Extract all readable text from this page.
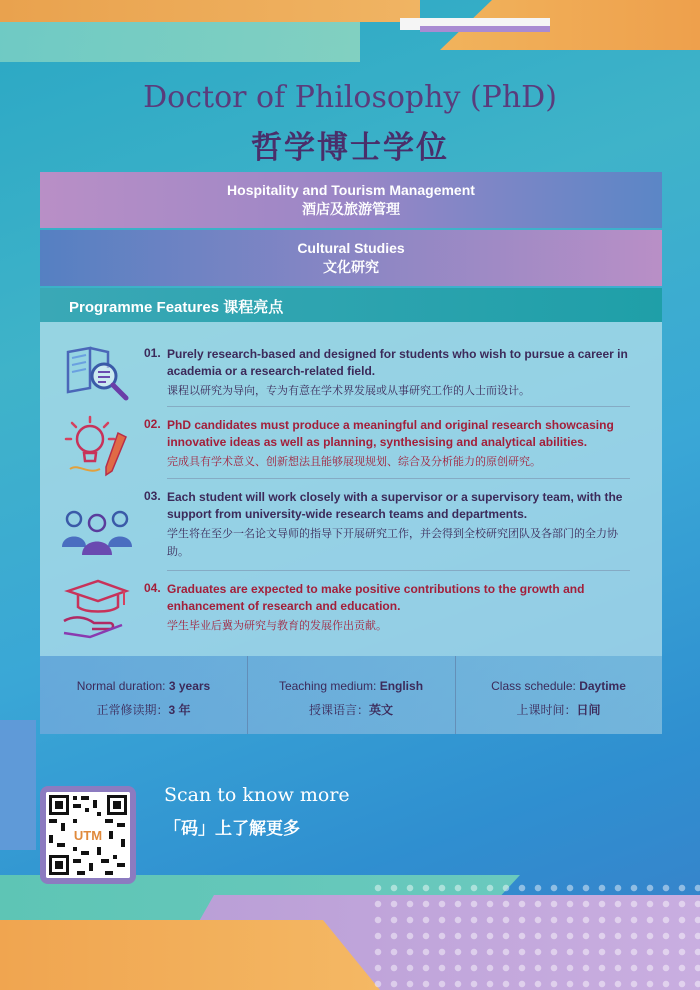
Doctor of Philosophy (PhD)
哲学博士学位
Hospitality and Tourism Management
酒店及旅游管理
Cultural Studies
文化研究
Programme Features 课程亮点
01. Purely research-based and designed for students who wish to pursue a career in academia or a research-related field.
课程以研究为导向，专为有意在学术界发展或从事研究工作的人士而设计。
02. PhD candidates must produce a meaningful and original research showcasing innovative ideas as well as planning, synthesising and analytical abilities.
完成具有学术意义、创新想法且能够展现规划、综合及分析能力的原创研究。
03. Each student will work closely with a supervisor or a supervisory team, with the support from university-wide research teams and departments.
学生将在至少一名论文导师的指导下开展研究工作，并会得到全校研究团队及各部门的全力协助。
04. Graduates are expected to make positive contributions to the growth and enhancement of research and education.
学生毕业后冀为研究与教育的发展作出贡献。
Normal duration: 3 years
正常修读期：3 年
Teaching medium: English
授课语言：英文
Class schedule: Daytime
上课时间：日间
UTM
Scan to know more
「码」上了解更多
